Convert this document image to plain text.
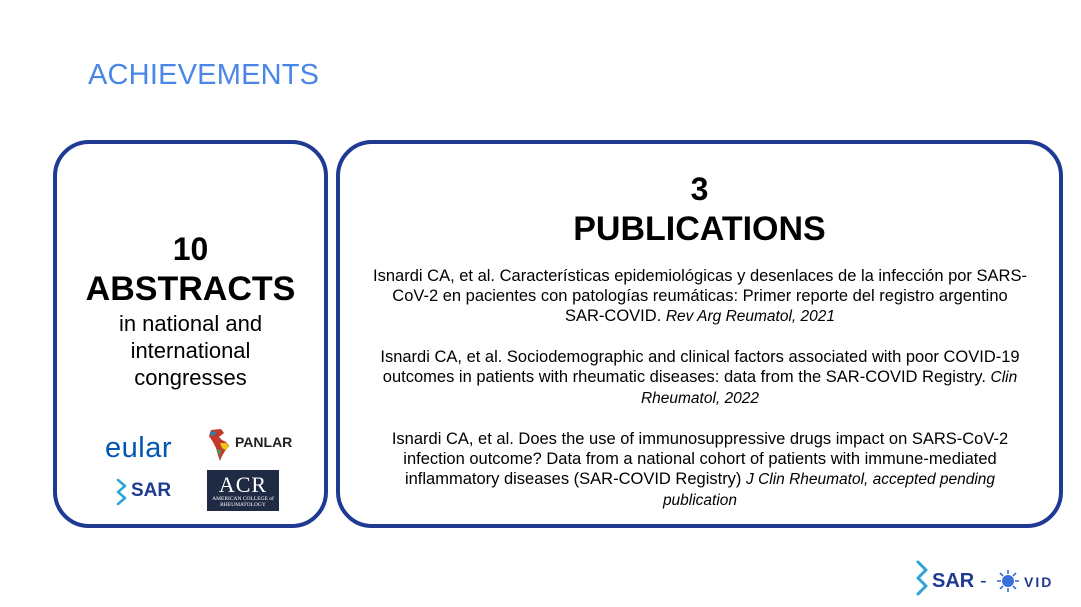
ACHIEVEMENTS
10
ABSTRACTS
in national and
international
congresses
eular	PANLAR
SAR	ACR
AMERICAN COLLEGE of RHEUMATOLOGY
3
PUBLICATIONS
Isnardi CA, et al. Características epidemiológicas y desenlaces de la infección por SARS-CoV-2 en pacientes con patologías reumáticas: Primer reporte del registro argentino SAR-COVID. Rev Arg Reumatol, 2021
Isnardi CA, et al. Sociodemographic and clinical factors associated with poor COVID-19 outcomes in patients with rheumatic diseases: data from the SAR-COVID Registry. Clin Rheumatol, 2022
Isnardi CA, et al. Does the use of immunosuppressive drugs impact on SARS-CoV-2 infection outcome? Data from a national cohort of patients with immune-mediated inflammatory diseases (SAR-COVID Registry) J Clin Rheumatol, accepted pending publication
SAR -	VID
